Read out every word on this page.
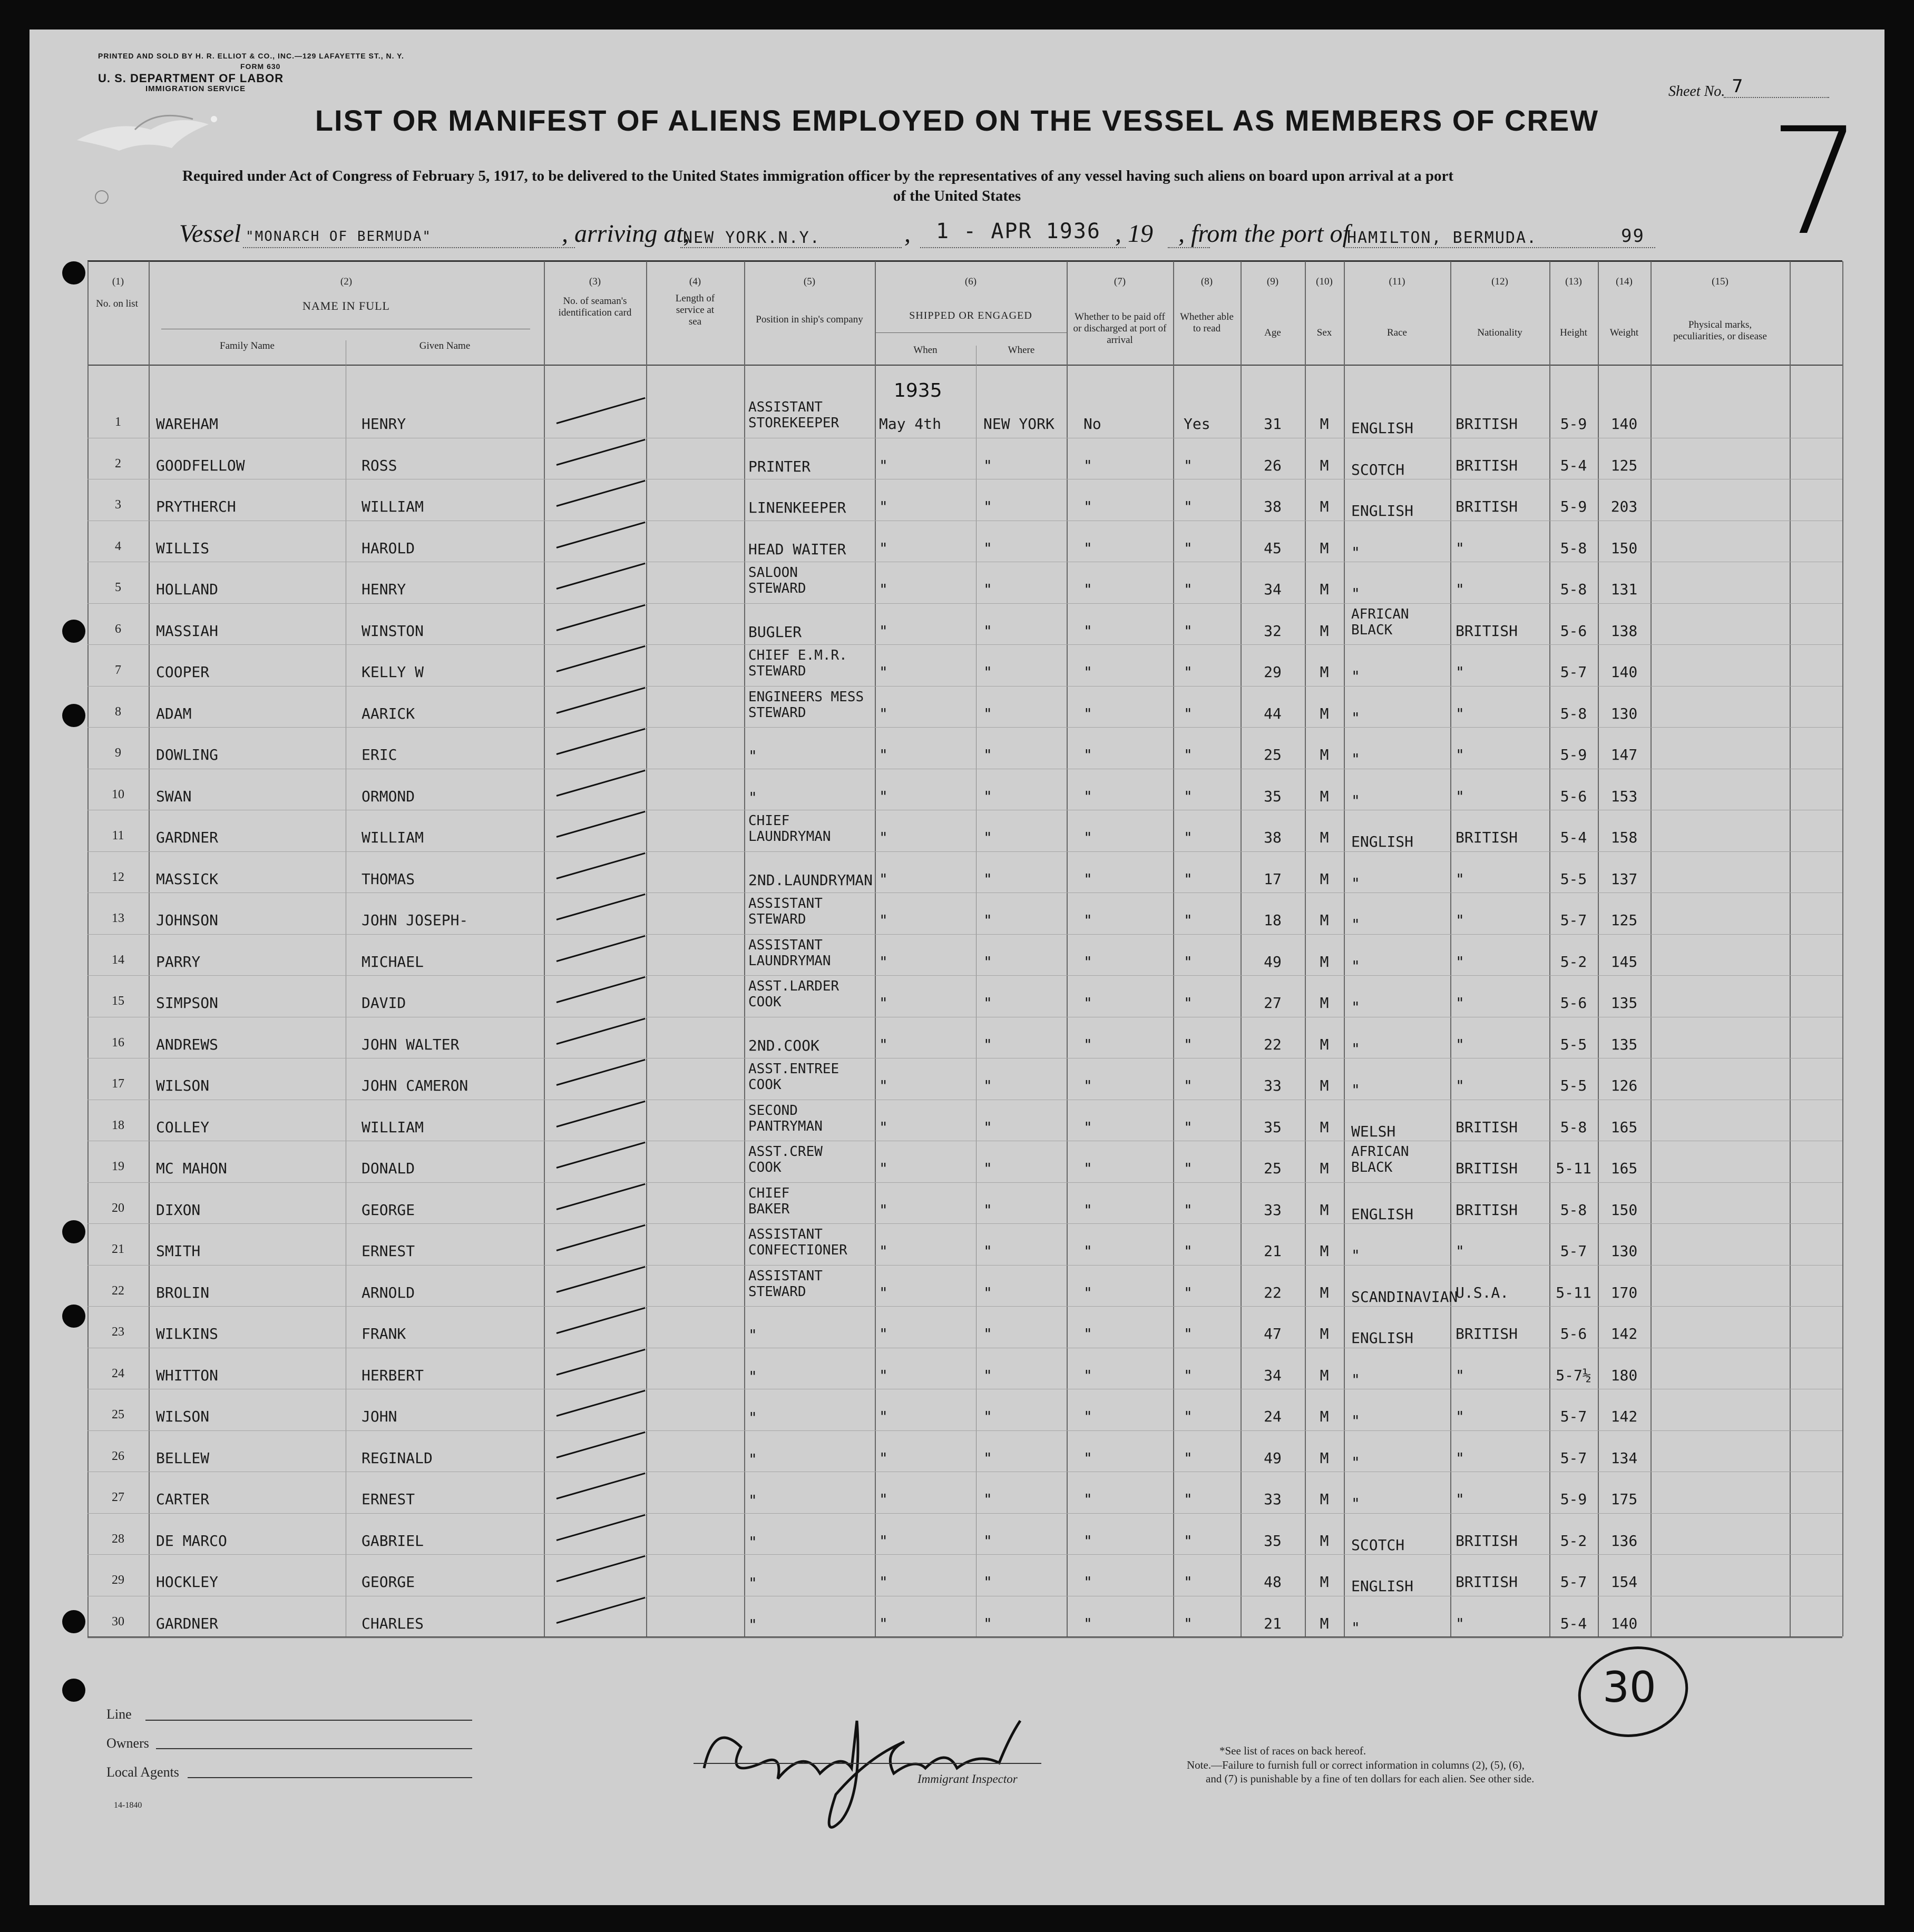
PRINTED AND SOLD BY H. R. ELLIOT & CO., INC.—129 LAFAYETTE ST., N. Y.
FORM 630
U. S. DEPARTMENT OF LABOR
IMMIGRATION SERVICE	Sheet No. 7
7
LIST OR MANIFEST OF ALIENS EMPLOYED ON THE VESSEL AS MEMBERS OF CREW
Required under Act of Congress of February 5, 1917, to be delivered to the United States immigration officer by the representatives of any vessel having such aliens on board upon arrival at a port
of the United States
Vessel "MONARCH OF BERMUDA"	, arriving at,
NEW YORK.N.Y.	, 1 - APR 1936 , 19 , from the port of
HAMILTON, BERMUDA.	99
(1)
No. on list
(2)
NAME IN FULL
Family Name	Given Name
(3)
No. of seaman's identification card
(4)
Length of service at sea
(5)
Position in ship's company
(6)
SHIPPED OR ENGAGED
When	Where
(7)
Whether to be paid off or discharged at port of arrival
(8)
Whether able to read
(9)
Age
(10)
Sex
(11)
Race
(12)
Nationality
(13)
Height
(14)
Weight
(15)
Physical marks, peculiarities, or disease
1	WAREHAM	HENRY
ASSISTANT
STOREKEEPER	May 4th	NEW YORK	No	Yes	31	M	ENGLISH	BRITISH	5-9	140
2	GOODFELLOW	ROSS	PRINTER	"	"	"	"	26	M	SCOTCH	BRITISH	5-4	125
3	PRYTHERCH	WILLIAM	LINENKEEPER	"	"	"	"	38	M	ENGLISH	BRITISH	5-9	203
4	WILLIS	HAROLD	HEAD WAITER	"	"	"	"	45	M	"	"	5-8	150
5	HOLLAND	HENRY
SALOON
STEWARD	"	"	"	"	34	M	"	"	5-8	131
6	MASSIAH	WINSTON	BUGLER	"	"	"	"	32	M
AFRICAN
BLACK	BRITISH	5-6	138
7	COOPER	KELLY W
CHIEF E.M.R.
STEWARD	"	"	"	"	29	M	"	"	5-7	140
8	ADAM	AARICK
ENGINEERS MESS
STEWARD	"	"	"	"	44	M	"	"	5-8	130
9	DOWLING	ERIC	"	"	"	"	"	25	M	"	"	5-9	147
10	SWAN	ORMOND	"	"	"	"	"	35	M	"	"	5-6	153
11	GARDNER	WILLIAM
CHIEF
LAUNDRYMAN	"	"	"	"	38	M	ENGLISH	BRITISH	5-4	158
12	MASSICK	THOMAS	2ND.LAUNDRYMAN "	"	"	"	17	M	"	"	5-5	137
13	JOHNSON	JOHN JOSEPH-
ASSISTANT
STEWARD	"	"	"	"	18	M	"	"	5-7	125
14	PARRY	MICHAEL
ASSISTANT
LAUNDRYMAN	"	"	"	"	49	M	"	"	5-2	145
15	SIMPSON	DAVID
ASST.LARDER
COOK	"	"	"	"	27	M	"	"	5-6	135
16	ANDREWS	JOHN WALTER	2ND.COOK	"	"	"	"	22	M	"	"	5-5	135
17	WILSON	JOHN CAMERON
ASST.ENTREE
COOK	"	"	"	"	33	M	"	"	5-5	126
18	COLLEY	WILLIAM
SECOND
PANTRYMAN	"	"	"	"	35	M	WELSH	BRITISH	5-8	165
19	MC MAHON	DONALD
ASST.CREW
COOK	"	"	"	"	25	M
AFRICAN
BLACK	BRITISH	5-11	165
20	DIXON	GEORGE
CHIEF
BAKER	"	"	"	"	33	M	ENGLISH	BRITISH	5-8	150
21	SMITH	ERNEST
ASSISTANT
CONFECTIONER	"	"	"	"	21	M	"	"	5-7	130
22	BROLIN	ARNOLD
ASSISTANT
STEWARD	"	"	"	"	22	M	SCANDINAVIAN
U.S.A.	5-11	170
23	WILKINS	FRANK	"	"	"	"	"	47	M	ENGLISH	BRITISH	5-6	142
24	WHITTON	HERBERT	"	"	"	"	"	34	M	"	"	5-7½	180
25	WILSON	JOHN	"	"	"	"	"	24	M	"	"	5-7	142
26	BELLEW	REGINALD	"	"	"	"	"	49	M	"	"	5-7	134
27	CARTER	ERNEST	"	"	"	"	"	33	M	"	"	5-9	175
28	DE MARCO	GABRIEL	"	"	"	"	"	35	M	SCOTCH	BRITISH	5-2	136
29	HOCKLEY	GEORGE	"	"	"	"	"	48	M	ENGLISH	BRITISH	5-7	154
30	GARDNER	CHARLES	"	"	"	"	"	21	M	"	"	5-4	140
1935
Line
Owners
Local Agents
14-1840
Immigrant Inspector
*See list of races on back hereof.
Note.—Failure to furnish full or correct information in columns (2), (5), (6),
and (7) is punishable by a fine of ten dollars for each alien. See other side.
30
